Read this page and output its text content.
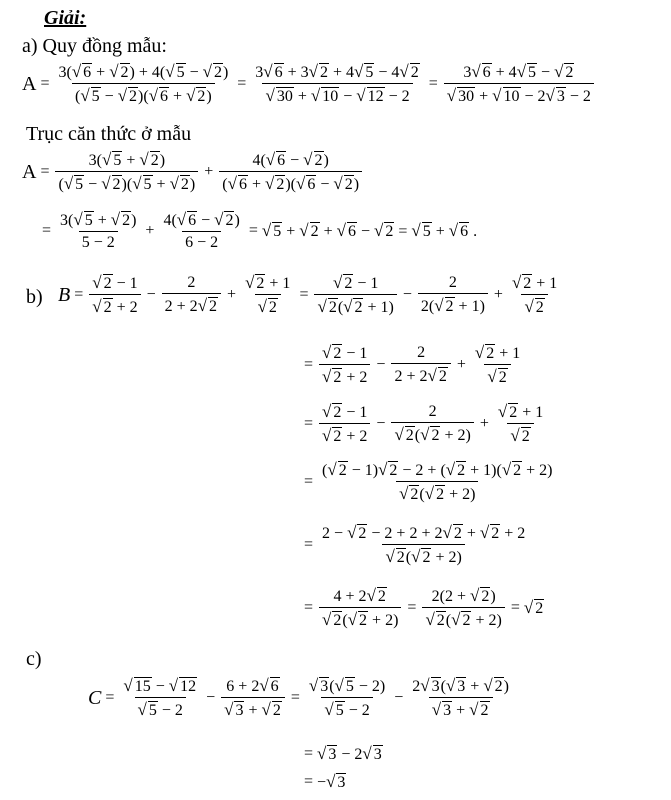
Giải:
a) Quy đồng mẫu:
$A = \frac{3(√ 6 + √ 2) + 4(√ 5 - √ 2)}{(√ 5 - √ 2)(√ 6 + √ 2)} = \frac{3√ 6 + 3√ 2 + 4√ 5 - 4√ 2}{√ 30 + √ 10 - √ 12 - 2} = \frac{3√ 6 + 4√ 5 - √ 2}{√ 30 + √ 10 - 2√ 3 - 2}$
Trục căn thức ở mẫu
$A = \frac{3(√ 5 + √ 2)}{(√ 5 - √ 2)(√ 5 + √ 2)} + \frac{4(√ 6 - √ 2)}{(√ 6 + √ 2)(√ 6 - √ 2)}$
= $\frac{3(√ 5 + √ 2)}{5 - 2} + \frac{4(√ 6 - √ 2)}{6 - 2}$ = √ 5 + √ 2 + √ 6 − √ 2 = √ 5 + √ 6 .
b) $B = \frac{√ 2 - 1}{√ 2 + 2} - \frac{2}{2 + 2√ 2} + \frac{√ 2 + 1}{√ 2} = \frac{√ 2 - 1}{√ 2(√ 2 + 1)} - \frac{2}{2(√ 2 + 1)} + \frac{√ 2 + 1}{√ 2}$
= $\frac{√ 2 - 1}{√ 2 + 2} - \frac{2}{2 + 2√ 2} + \frac{√ 2 + 1}{√ 2}$
= $\frac{√ 2 - 1}{√ 2 + 2} - \frac{2}{√ 2(√ 2 + 2)} + \frac{√ 2 + 1}{√ 2}$
= $\frac{(√ 2 - 1)√ 2 - 2 + (√ 2 + 1)(√ 2 + 2)}{√ 2(√ 2 + 2)}$
= $\frac{2 - √ 2 - 2 + 2 + 2√ 2 + √ 2 + 2}{√ 2(√ 2 + 2)}$
= $\frac{4 + 2√ 2}{√ 2(√ 2 + 2)} = \frac{2(2 + √ 2)}{√ 2(√ 2 + 2)}$ = √ 2
c)
$C = \frac{√ 15 - √ 12}{√ 5 - 2} - \frac{6 + 2√ 6}{√ 3 + √ 2} = \frac{√ 3(√ 5 - 2)}{√ 5 - 2} - \frac{2√ 3(√ 3 + √ 2)}{√ 3 + √ 2}$
= √ 3 − 2√ 3
= −√ 3
